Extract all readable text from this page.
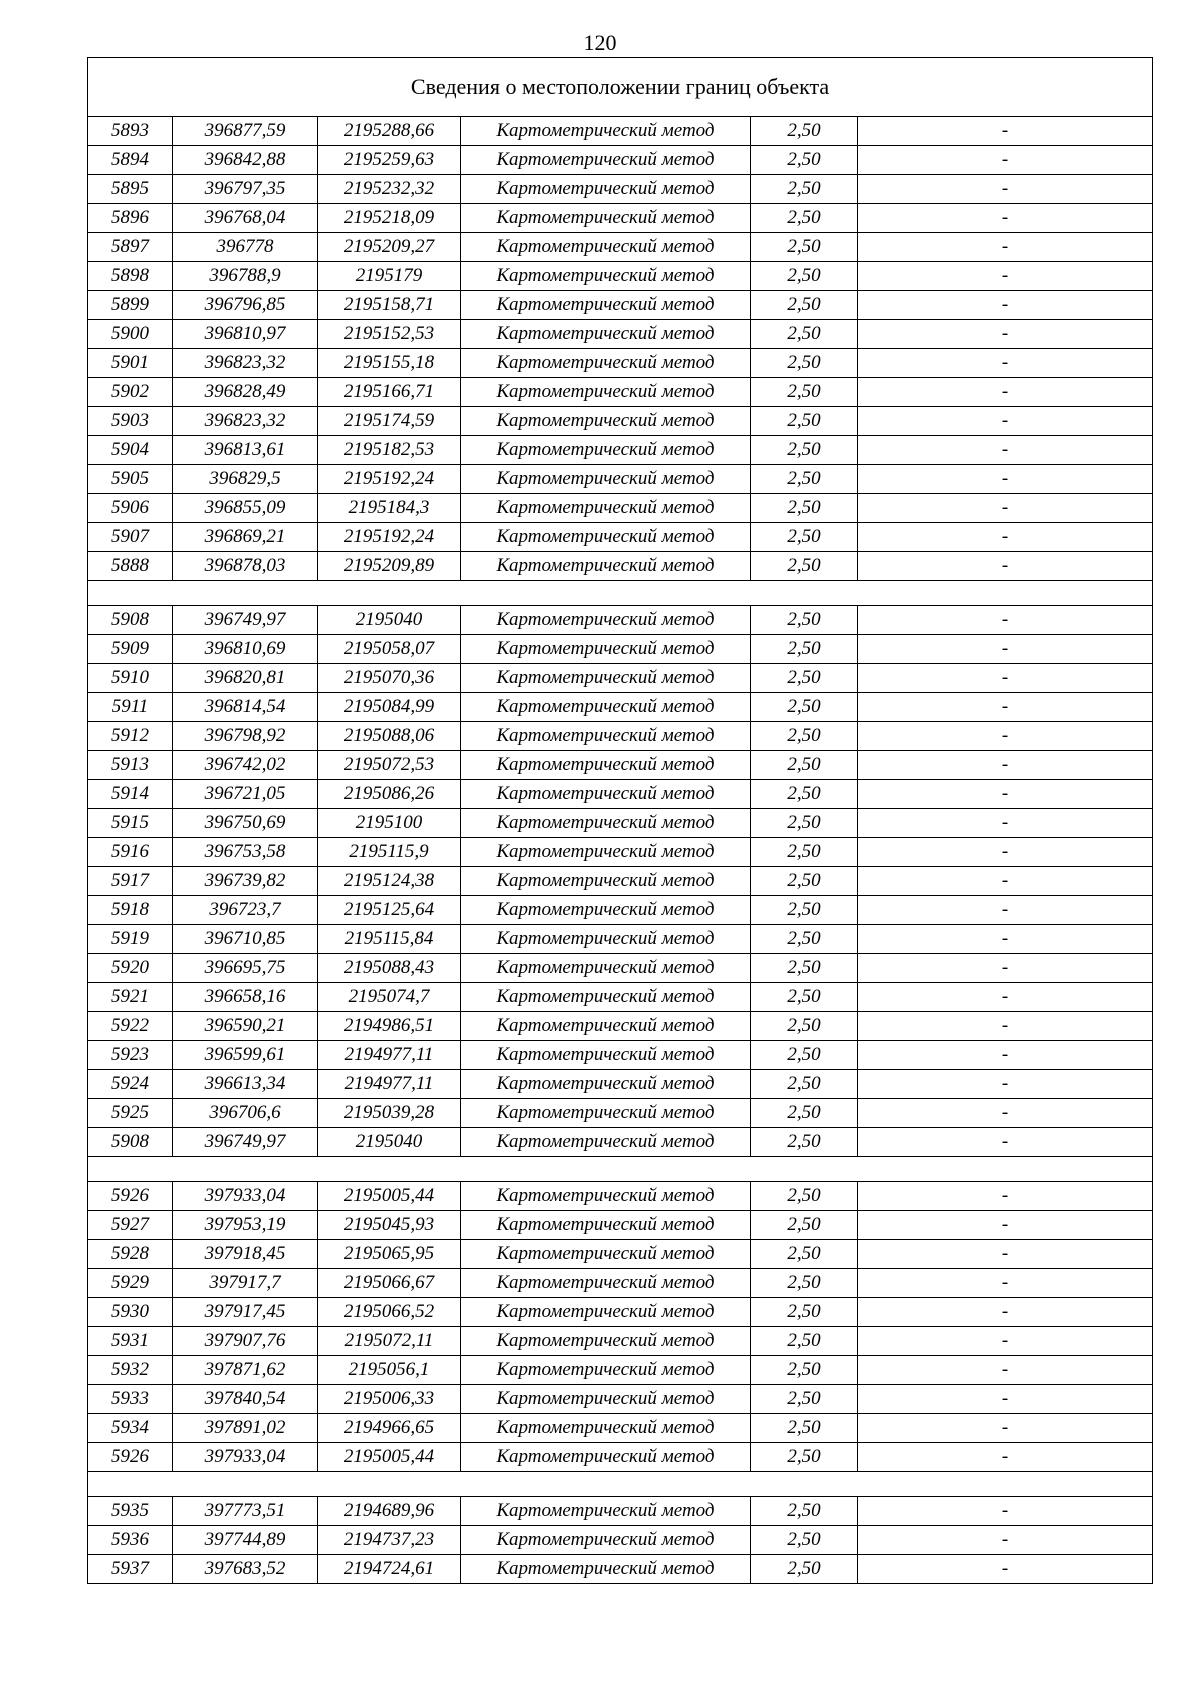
120
Сведения о местоположении границ объекта					
5893	396877,59	2195288,66	Картометрический метод	2,50	-
5894	396842,88	2195259,63	Картометрический метод	2,50	-
5895	396797,35	2195232,32	Картометрический метод	2,50	-
5896	396768,04	2195218,09	Картометрический метод	2,50	-
5897	396778	2195209,27	Картометрический метод	2,50	-
5898	396788,9	2195179	Картометрический метод	2,50	-
5899	396796,85	2195158,71	Картометрический метод	2,50	-
5900	396810,97	2195152,53	Картометрический метод	2,50	-
5901	396823,32	2195155,18	Картометрический метод	2,50	-
5902	396828,49	2195166,71	Картометрический метод	2,50	-
5903	396823,32	2195174,59	Картометрический метод	2,50	-
5904	396813,61	2195182,53	Картометрический метод	2,50	-
5905	396829,5	2195192,24	Картометрический метод	2,50	-
5906	396855,09	2195184,3	Картометрический метод	2,50	-
5907	396869,21	2195192,24	Картометрический метод	2,50	-
5888	396878,03	2195209,89	Картометрический метод	2,50	-

5908	396749,97	2195040	Картометрический метод	2,50	-
5909	396810,69	2195058,07	Картометрический метод	2,50	-
5910	396820,81	2195070,36	Картометрический метод	2,50	-
5911	396814,54	2195084,99	Картометрический метод	2,50	-
5912	396798,92	2195088,06	Картометрический метод	2,50	-
5913	396742,02	2195072,53	Картометрический метод	2,50	-
5914	396721,05	2195086,26	Картометрический метод	2,50	-
5915	396750,69	2195100	Картометрический метод	2,50	-
5916	396753,58	2195115,9	Картометрический метод	2,50	-
5917	396739,82	2195124,38	Картометрический метод	2,50	-
5918	396723,7	2195125,64	Картометрический метод	2,50	-
5919	396710,85	2195115,84	Картометрический метод	2,50	-
5920	396695,75	2195088,43	Картометрический метод	2,50	-
5921	396658,16	2195074,7	Картометрический метод	2,50	-
5922	396590,21	2194986,51	Картометрический метод	2,50	-
5923	396599,61	2194977,11	Картометрический метод	2,50	-
5924	396613,34	2194977,11	Картометрический метод	2,50	-
5925	396706,6	2195039,28	Картометрический метод	2,50	-
5908	396749,97	2195040	Картометрический метод	2,50	-

5926	397933,04	2195005,44	Картометрический метод	2,50	-
5927	397953,19	2195045,93	Картометрический метод	2,50	-
5928	397918,45	2195065,95	Картометрический метод	2,50	-
5929	397917,7	2195066,67	Картометрический метод	2,50	-
5930	397917,45	2195066,52	Картометрический метод	2,50	-
5931	397907,76	2195072,11	Картометрический метод	2,50	-
5932	397871,62	2195056,1	Картометрический метод	2,50	-
5933	397840,54	2195006,33	Картометрический метод	2,50	-
5934	397891,02	2194966,65	Картометрический метод	2,50	-
5926	397933,04	2195005,44	Картометрический метод	2,50	-

5935	397773,51	2194689,96	Картометрический метод	2,50	-
5936	397744,89	2194737,23	Картометрический метод	2,50	-
5937	397683,52	2194724,61	Картометрический метод	2,50	-
